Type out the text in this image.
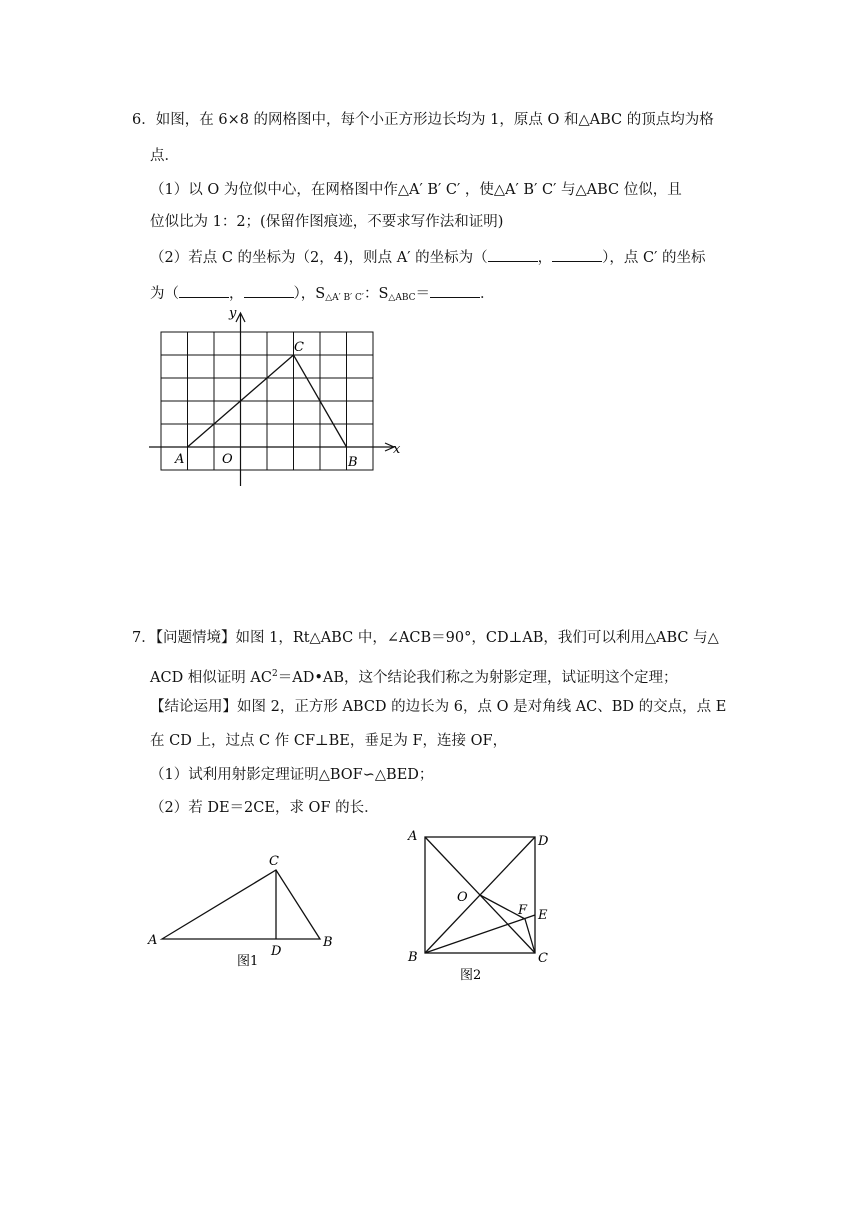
6．如图，在 6×8 的网格图中，每个小正方形边长均为 1，原点 O 和△ABC 的顶点均为格
点．
（1）以 O 为位似中心，在网格图中作△A′ B′ C′ ，使△A′ B′ C′ 与△ABC 位似，且
位似比为 1：2；(保留作图痕迹，不要求写作法和证明)
（2）若点 C 的坐标为（2，4)，则点 A′ 的坐标为（	，	），点 C′ 的坐标
为（	，	），$S_{\triangle A' B' C'}$：$S_{\triangle ABC}=$	．
y
x
A	O	B
C
7．【问题情境】如图 1，Rt△ABC 中，∠ACB＝90°，CD⊥AB，我们可以利用△ABC 与△
ACD 相似证明 $AC^2=AD•AB$，这个结论我们称之为射影定理，试证明这个定理；
【结论运用】如图 2，正方形 ABCD 的边长为 6，点 O 是对角线 AC、BD 的交点，点 E
在 CD 上，过点 C 作 CF⊥BE，垂足为 F，连接 OF，
（1）试利用射影定理证明△BOF∽△BED；
（2）若 DE＝2CE，求 OF 的长．
A
C
D
B
图1
A	D
O
F E
B	C
图2
